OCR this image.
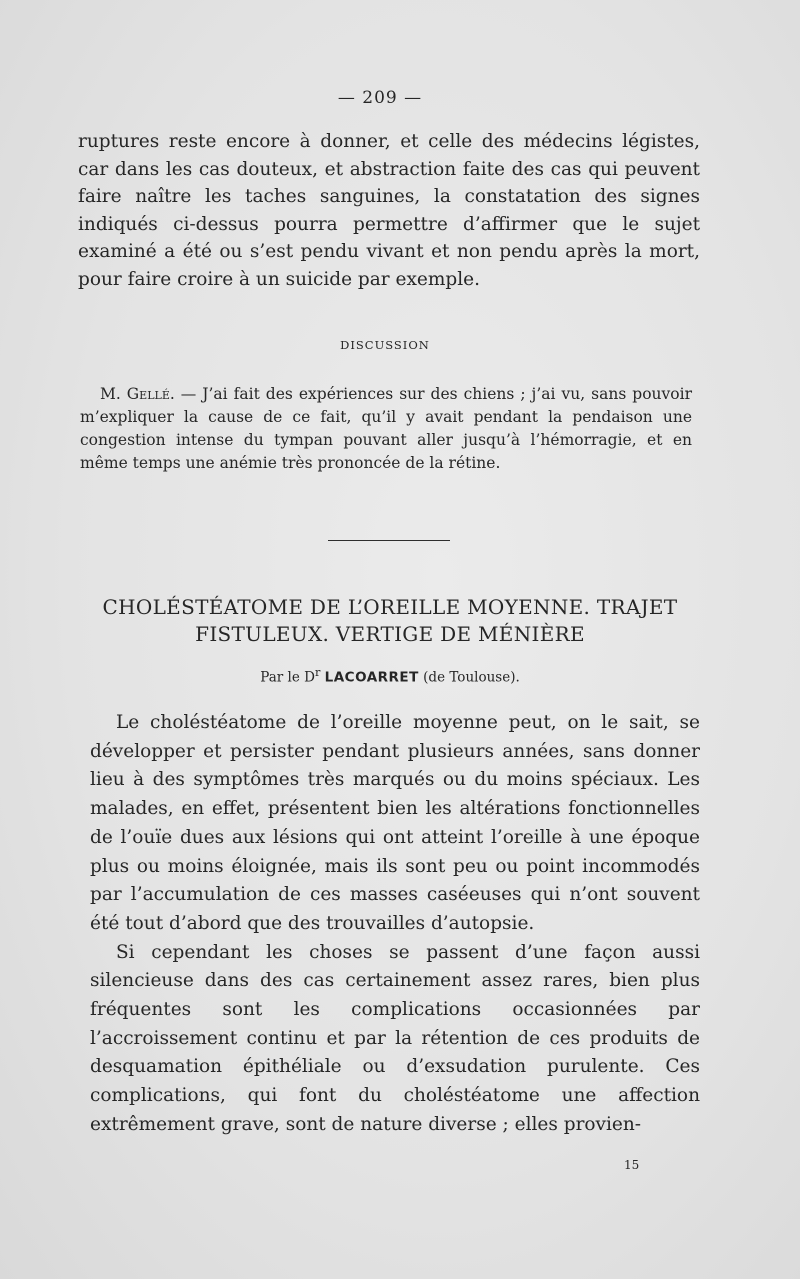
— 209 —
ruptures reste encore à donner, et celle des médecins légistes, car dans les cas douteux, et abstraction faite des cas qui peuvent faire naître les taches sanguines, la constatation des signes indiqués ci-dessus pourra permettre d’affirmer que le sujet examiné a été ou s’est pendu vivant et non pendu après la mort, pour faire croire à un suicide par exemple.
DISCUSSION
M. Gellé. — J’ai fait des expériences sur des chiens ; j’ai vu, sans pouvoir m’expliquer la cause de ce fait, qu’il y avait pendant la pendaison une congestion intense du tympan pouvant aller jusqu’à l’hémorragie, et en même temps une anémie très prononcée de la rétine.
CHOLÉSTÉATOME DE L’OREILLE MOYENNE. TRAJET
FISTULEUX. VERTIGE DE MÉNIÈRE
Par le $D^r$ LACOARRET (de Toulouse).

Le choléstéatome de l’oreille moyenne peut, on le sait, se développer et persister pendant plusieurs années, sans donner lieu à des symptômes très marqués ou du moins spéciaux. Les malades, en effet, présentent bien les altérations fonctionnelles de l’ouïe dues aux lésions qui ont atteint l’oreille à une époque plus ou moins éloignée, mais ils sont peu ou point incommodés par l’accumulation de ces masses caséeuses qui n’ont souvent été tout d’abord que des trouvailles d’autopsie.

Si cependant les choses se passent d’une façon aussi silencieuse dans des cas certainement assez rares, bien plus fréquentes sont les complications occasionnées par l’accroissement continu et par la rétention de ces produits de desquamation épithéliale ou d’exsudation purulente. Ces complications, qui font du choléstéatome une affection extrêmement grave, sont de nature diverse ; elles provien-

15
